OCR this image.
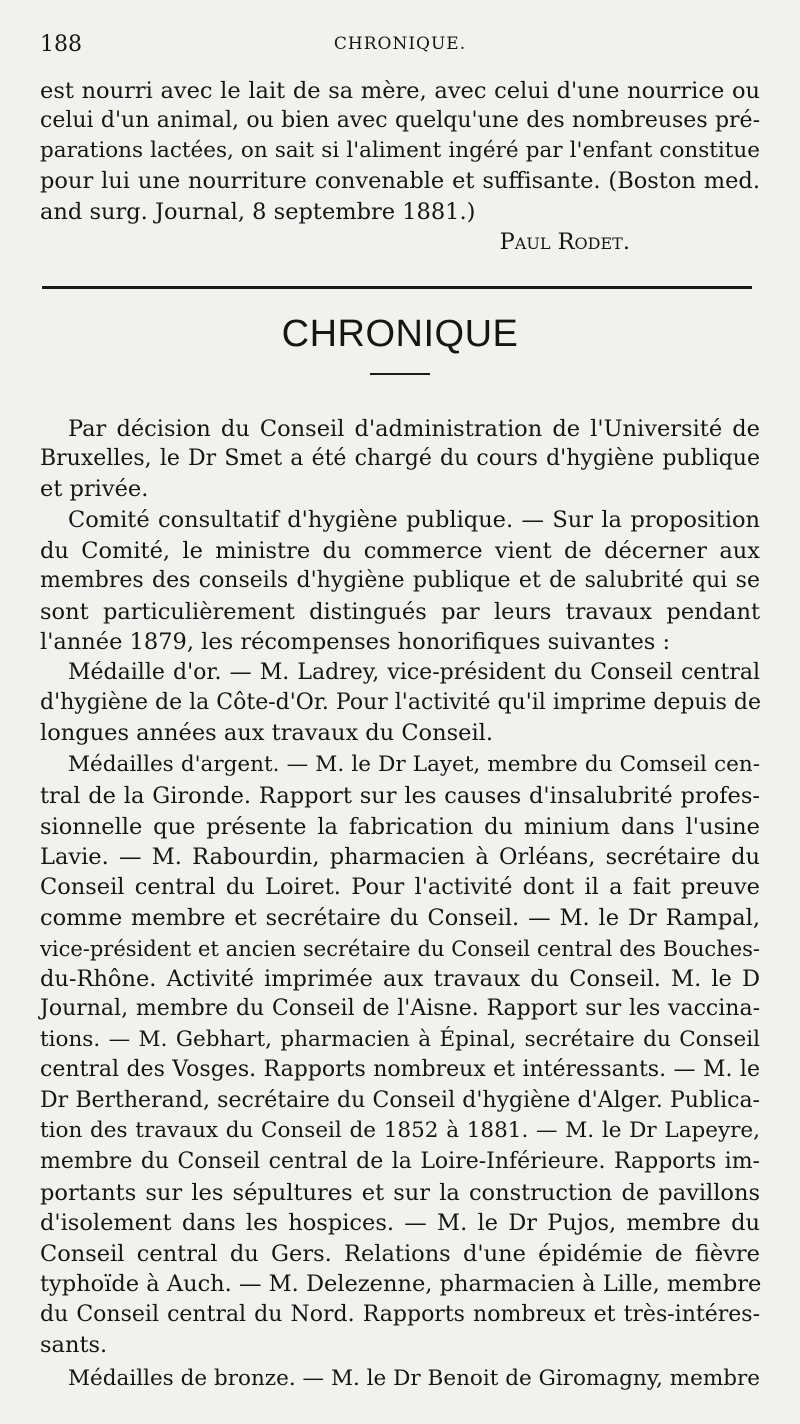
188	CHRONIQUE.
est nourri avec le lait de sa mère, avec celui d'une nourrice ou
celui d'un animal, ou bien avec quelqu'une des nombreuses pré-
parations lactées, on sait si l'aliment ingéré par l'enfant constitue
pour lui une nourriture convenable et suffisante. (Boston med.
and surg. Journal, 8 septembre 1881.)
Paul Rodet.
CHRONIQUE
Par décision du Conseil d'administration de l'Université de
Bruxelles, le Dr Smet a été chargé du cours d'hygiène publique
et privée.
Comité consultatif d'hygiène publique. — Sur la proposition
du Comité, le ministre du commerce vient de décerner aux
membres des conseils d'hygiène publique et de salubrité qui se
sont particulièrement distingués par leurs travaux pendant
l'année 1879, les récompenses honorifiques suivantes :
Médaille d'or. — M. Ladrey, vice-président du Conseil central
d'hygiène de la Côte-d'Or. Pour l'activité qu'il imprime depuis de
longues années aux travaux du Conseil.
Médailles d'argent. — M. le Dr Layet, membre du Comseil cen-
tral de la Gironde. Rapport sur les causes d'insalubrité profes-
sionnelle que présente la fabrication du minium dans l'usine
Lavie. — M. Rabourdin, pharmacien à Orléans, secrétaire du
Conseil central du Loiret. Pour l'activité dont il a fait preuve
comme membre et secrétaire du Conseil. — M. le Dr Rampal,
vice-président et ancien secrétaire du Conseil central des Bouches-
du-Rhône. Activité imprimée aux travaux du Conseil. M. le D
Journal, membre du Conseil de l'Aisne. Rapport sur les vaccina-
tions. — M. Gebhart, pharmacien à Épinal, secrétaire du Conseil
central des Vosges. Rapports nombreux et intéressants. — M. le
Dr Bertherand, secrétaire du Conseil d'hygiène d'Alger. Publica-
tion des travaux du Conseil de 1852 à 1881. — M. le Dr Lapeyre,
membre du Conseil central de la Loire-Inférieure. Rapports im-
portants sur les sépultures et sur la construction de pavillons
d'isolement dans les hospices. — M. le Dr Pujos, membre du
Conseil central du Gers. Relations d'une épidémie de fièvre
typhoïde à Auch. — M. Delezenne, pharmacien à Lille, membre
du Conseil central du Nord. Rapports nombreux et très-intéres-
sants.
Médailles de bronze. — M. le Dr Benoit de Giromagny, membre
